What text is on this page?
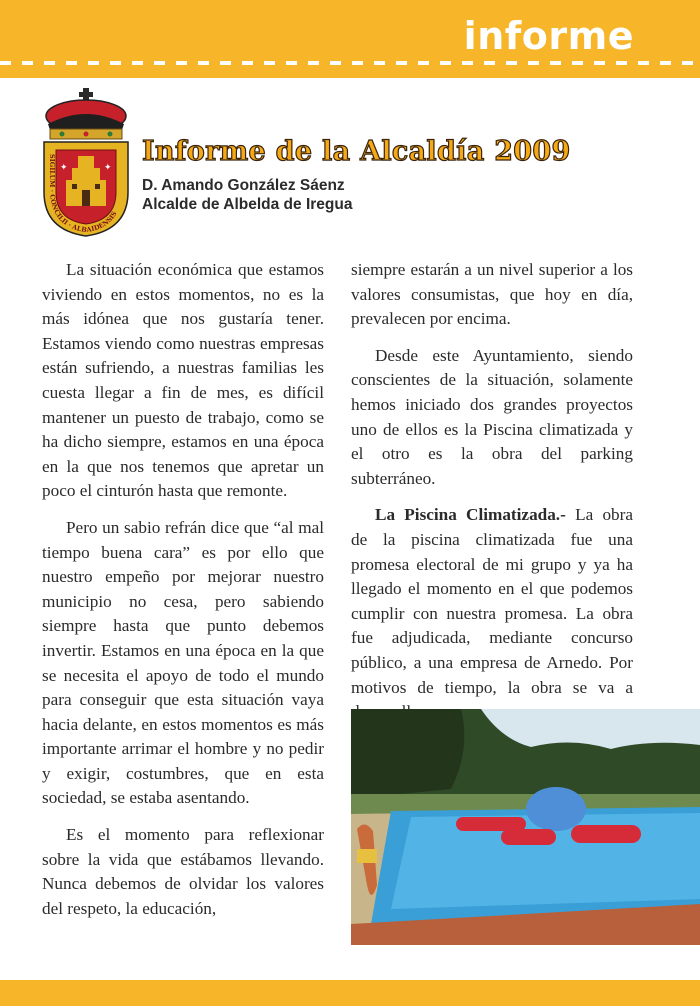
informe
✦	✦
SIGILUM · CONCILII · ALBAIDENSIS
Informe de la Alcaldía 2009
D. Amando González Sáenz
Alcalde de Albelda de Iregua

La situación económica que estamos viviendo en estos momentos, no es la más idónea que nos gustaría tener. Estamos viendo como nuestras empresas están sufriendo, a nuestras familias les cuesta llegar a fin de mes, es difícil mantener un puesto de trabajo, como se ha dicho siempre, estamos en una época en la que nos tenemos que apretar un poco el cinturón hasta que remonte.

Pero un sabio refrán dice que “al mal tiempo buena cara” es por ello que nuestro empeño por mejorar nuestro municipio no cesa, pero sabiendo siempre hasta que punto debemos invertir. Estamos en una época en la que se necesita el apoyo de todo el mundo para conseguir que esta situación vaya hacia delante, en estos momentos es más importante arrimar el hombre y no pedir y exigir, costumbres, que en esta sociedad, se estaba asentando.

Es el momento para reflexionar sobre la vida que estábamos llevando. Nunca debemos de olvidar los valores del respeto, la educación,

siempre estarán a un nivel superior a los valores consumistas, que hoy en día, prevalecen por encima.

Desde este Ayuntamiento, siendo conscientes de la situación, solamente hemos iniciado dos grandes proyectos uno de ellos es la Piscina climatizada y el otro es la obra del parking subterráneo.

La Piscina Climatizada.- La obra de la piscina climatizada fue una promesa electoral de mi grupo y ya ha llegado el momento en el que podemos cumplir con nuestra promesa. La obra fue adjudicada, mediante concurso público, a una empresa de Arnedo. Por motivos de tiempo, la obra se va a
